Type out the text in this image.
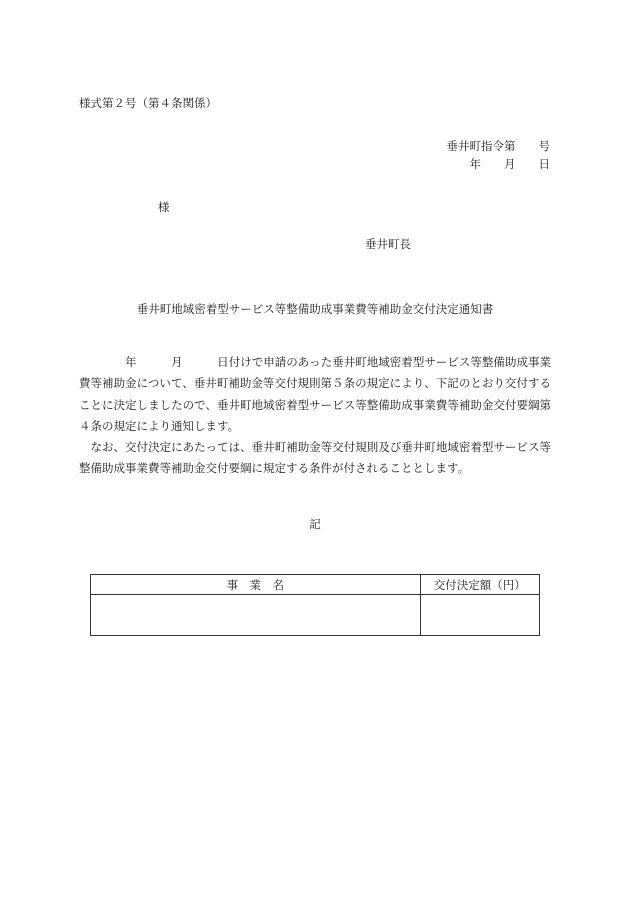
様式第２号（第４条関係）
垂井町指令第　　号
年　　月　　日
様
垂井町長
垂井町地域密着型サービス等整備助成事業費等補助金交付決定通知書
　　　　年　　　月　　　日付けで申請のあった垂井町地域密着型サービス等整備助成事業費等補助金について、垂井町補助金等交付規則第５条の規定により、下記のとおり交付することに決定しましたので、垂井町地域密着型サービス等整備助成事業費等補助金交付要綱第４条の規定により通知します。
なお、交付決定にあたっては、垂井町補助金等交付規則及び垂井町地域密着型サービス等整備助成事業費等補助金交付要綱に規定する条件が付されることとします。
記
事　業　名	交付決定額（円）
